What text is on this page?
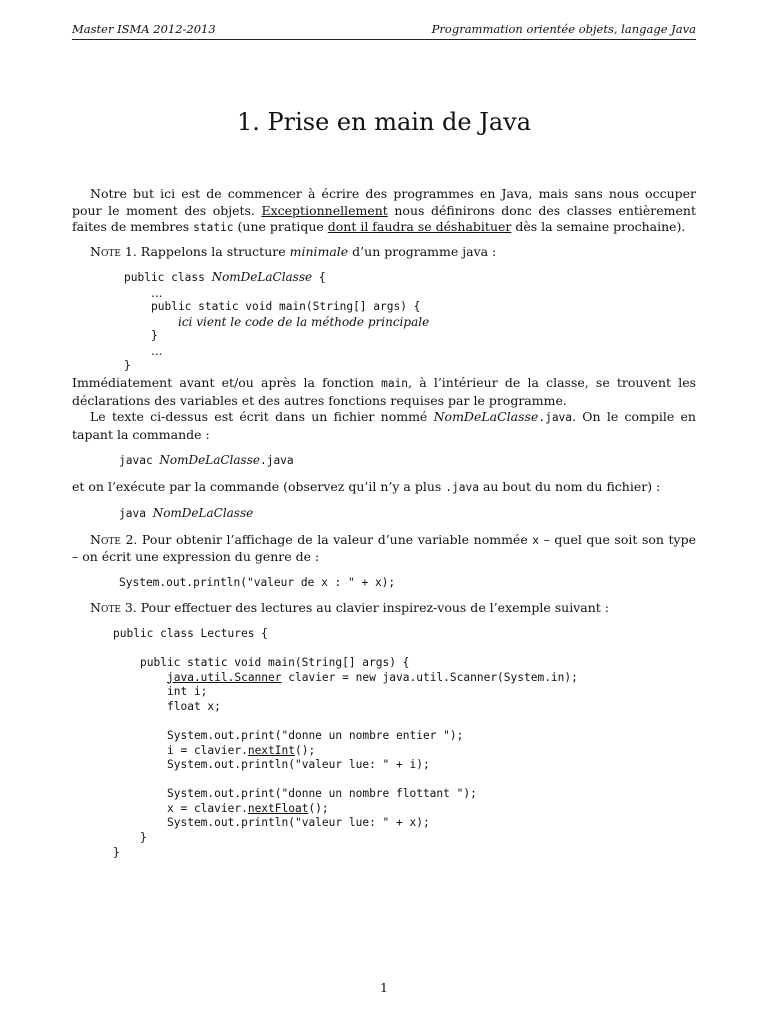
Master ISMA 2012-2013	Programmation orientée objets, langage Java
1. Prise en main de Java

Notre but ici est de commencer à écrire des programmes en Java, mais sans nous occuper pour le moment des objets. Exceptionnellement nous définirons donc des classes entièrement faites de membres static (une pratique dont il faudra se déshabituer dès la semaine prochaine).

Note 1. Rappelons la structure minimale d’un programme java :

public class NomDeLaClasse {
...
public static void main(String[] args) {
ici vient le code de la méthode principale
}
...
}

Immédiatement avant et/ou après la fonction main, à l’intérieur de la classe, se trouvent les déclarations des variables et des autres fonctions requises par le programme.

Le texte ci-dessus est écrit dans un fichier nommé NomDeLaClasse.java. On le compile en tapant la commande :

javac NomDeLaClasse.java

et on l’exécute par la commande (observez qu’il n’y a plus .java au bout du nom du fichier) :

java NomDeLaClasse

Note 2. Pour obtenir l’affichage de la valeur d’une variable nommée x – quel que soit son type – on écrit une expression du genre de :

System.out.println("valeur de x : " + x);

Note 3. Pour effectuer des lectures au clavier inspirez-vous de l’exemple suivant :

public class Lectures {
public static void main(String[] args) {
java.util.Scanner clavier = new java.util.Scanner(System.in);
int i;
float x;
System.out.print("donne un nombre entier ");
i = clavier.nextInt();
System.out.println("valeur lue: " + i);
System.out.print("donne un nombre flottant ");
x = clavier.nextFloat();
System.out.println("valeur lue: " + x);
}
}
1
